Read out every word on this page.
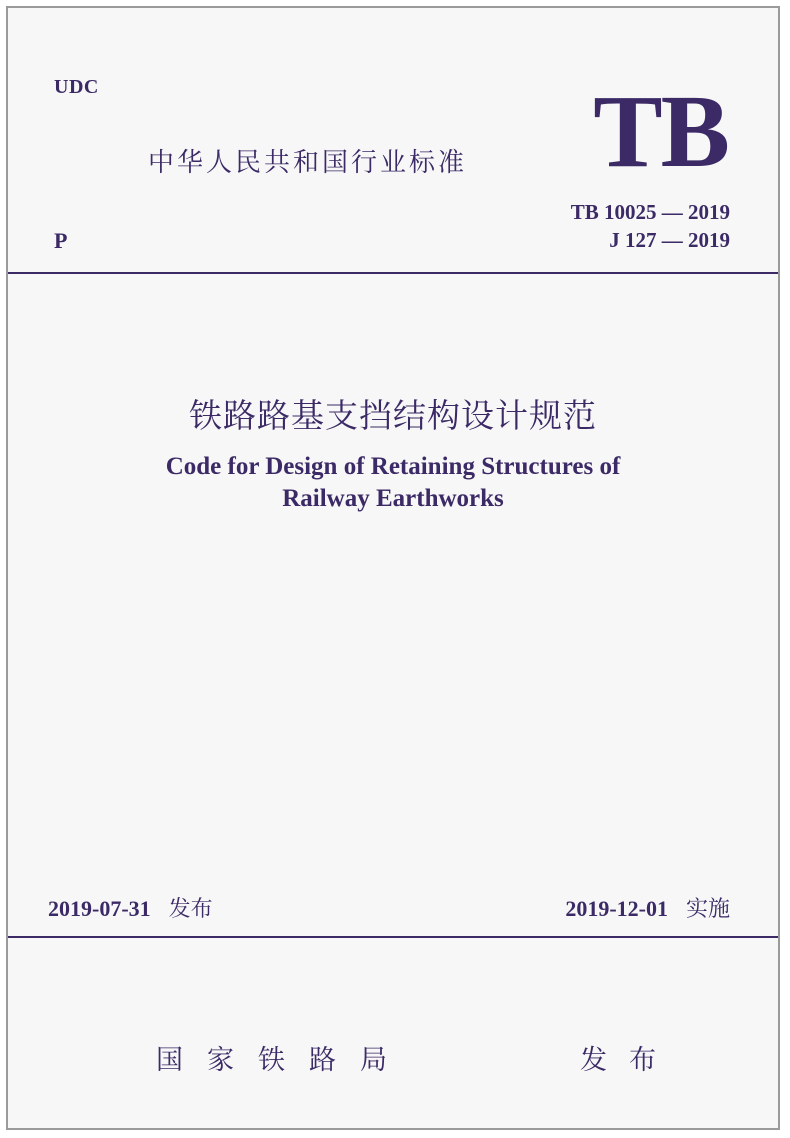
UDC
中华人民共和国行业标准
P
TB
TB 10025 — 2019
J 127 — 2019
铁路路基支挡结构设计规范
Code for Design of Retaining Structures of
Railway Earthworks
2019-07-31 发布	2019-12-01 实施
国家铁路局	发布
